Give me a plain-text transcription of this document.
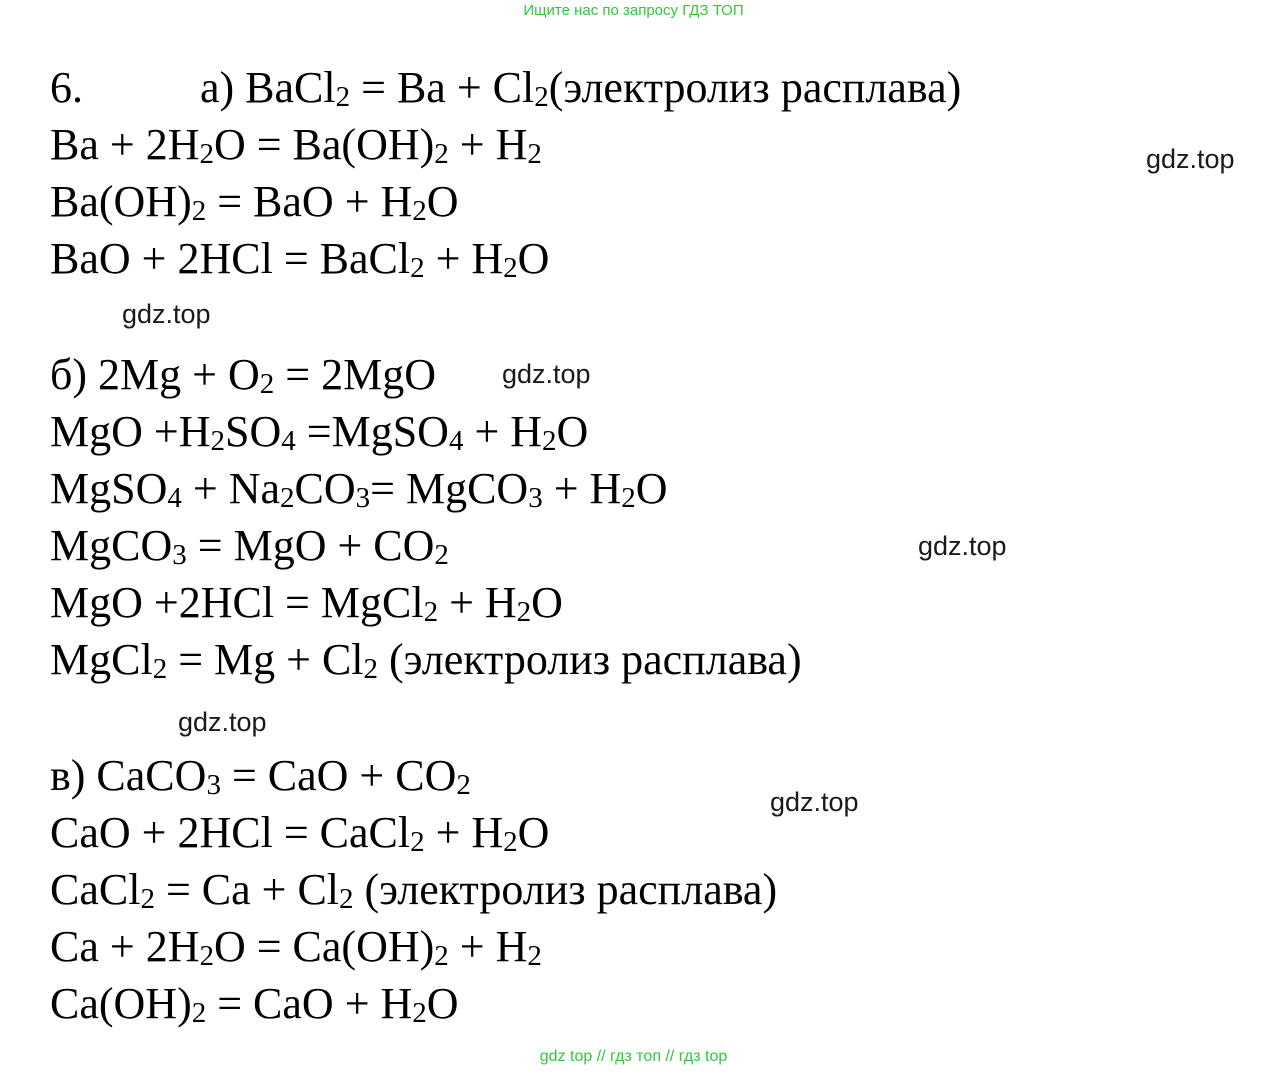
Ищите нас по запросу ГДЗ ТОП
6.	а) BaCl$_2$ = $Ba + Cl_2(электролиз$ расплава)
$Ba + 2H_2O = Ba(OH)_2 + H_2$
$Ba(OH)_2$ = BaO + $H_2O$
BaO + 2HCl = BaCl$_2$ + $H_2O$
б) $2Mg + O_2 = 2MgO$
MgO $+H_2SO_4$ =MgSO$_4$ + $H_2O$
MgSO$_4$ + $Na_2CO_3=$ MgCO$_3$ + $H_2O$
MgCO$_3$ = MgO + $CO_2$
MgO +2HCl = MgCl$_2$ + $H_2O$
MgCl$_2$ = $Mg + Cl_2$ (электролиз расплава)
в) CaCO$_3$ = CaO + $CO_2$
CaO + 2HCl = CaCl$_2$ + $H_2O$
CaCl$_2$ = $Ca + Cl_2$ (электролиз расплава)
$Ca + 2H_2O = Ca(OH)_2 + H_2$
$Ca(OH)_2$ = CaO + $H_2O$
gdz.top
gdz.top
gdz.top
gdz.top
gdz.top
gdz.top
gdz top // гдз топ // гдз top
